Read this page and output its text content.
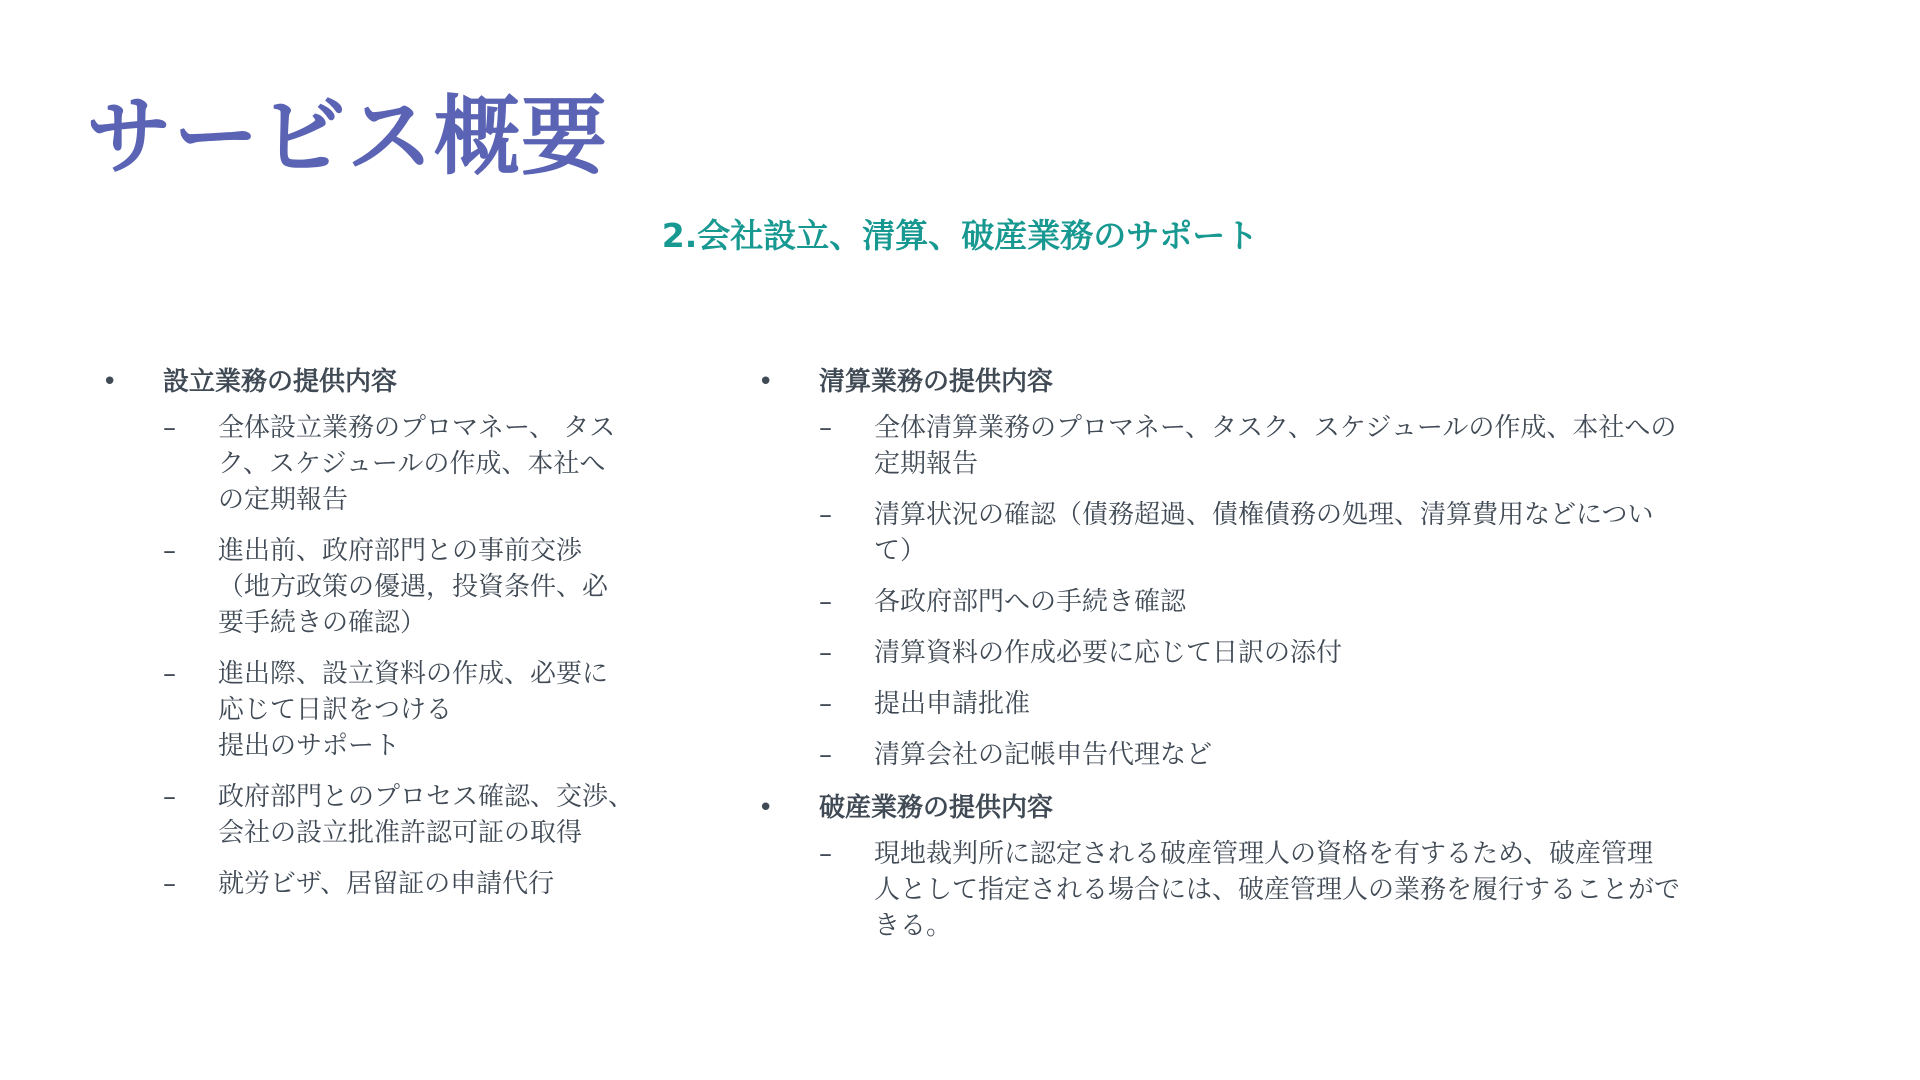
サービス概要
2.会社設立、清算、破産業務のサポート
• 設立業務の提供内容
– 全体設立業務のプロマネー、 タス
ク、スケジュールの作成、本社へ
の定期報告
– 進出前、政府部門との事前交渉
（地方政策の優遇，投資条件、必
要手続きの確認）
– 進出際、設立資料の作成、必要に
応じて日訳をつける
提出のサポート
– 政府部門とのプロセス確認、交渉、
会社の設立批准許認可証の取得
– 就労ビザ、居留証の申請代行
• 清算業務の提供内容
– 全体清算業務のプロマネー、タスク、スケジュールの作成、本社への
定期報告
– 清算状況の確認（債務超過、債権債務の処理、清算費用などについ
て）
– 各政府部門への手続き確認
– 清算資料の作成必要に応じて日訳の添付
– 提出申請批准
– 清算会社の記帳申告代理など
• 破産業務の提供内容
– 現地裁判所に認定される破産管理人の資格を有するため、破産管理
人として指定される場合には、破産管理人の業務を履行することがで
きる。
